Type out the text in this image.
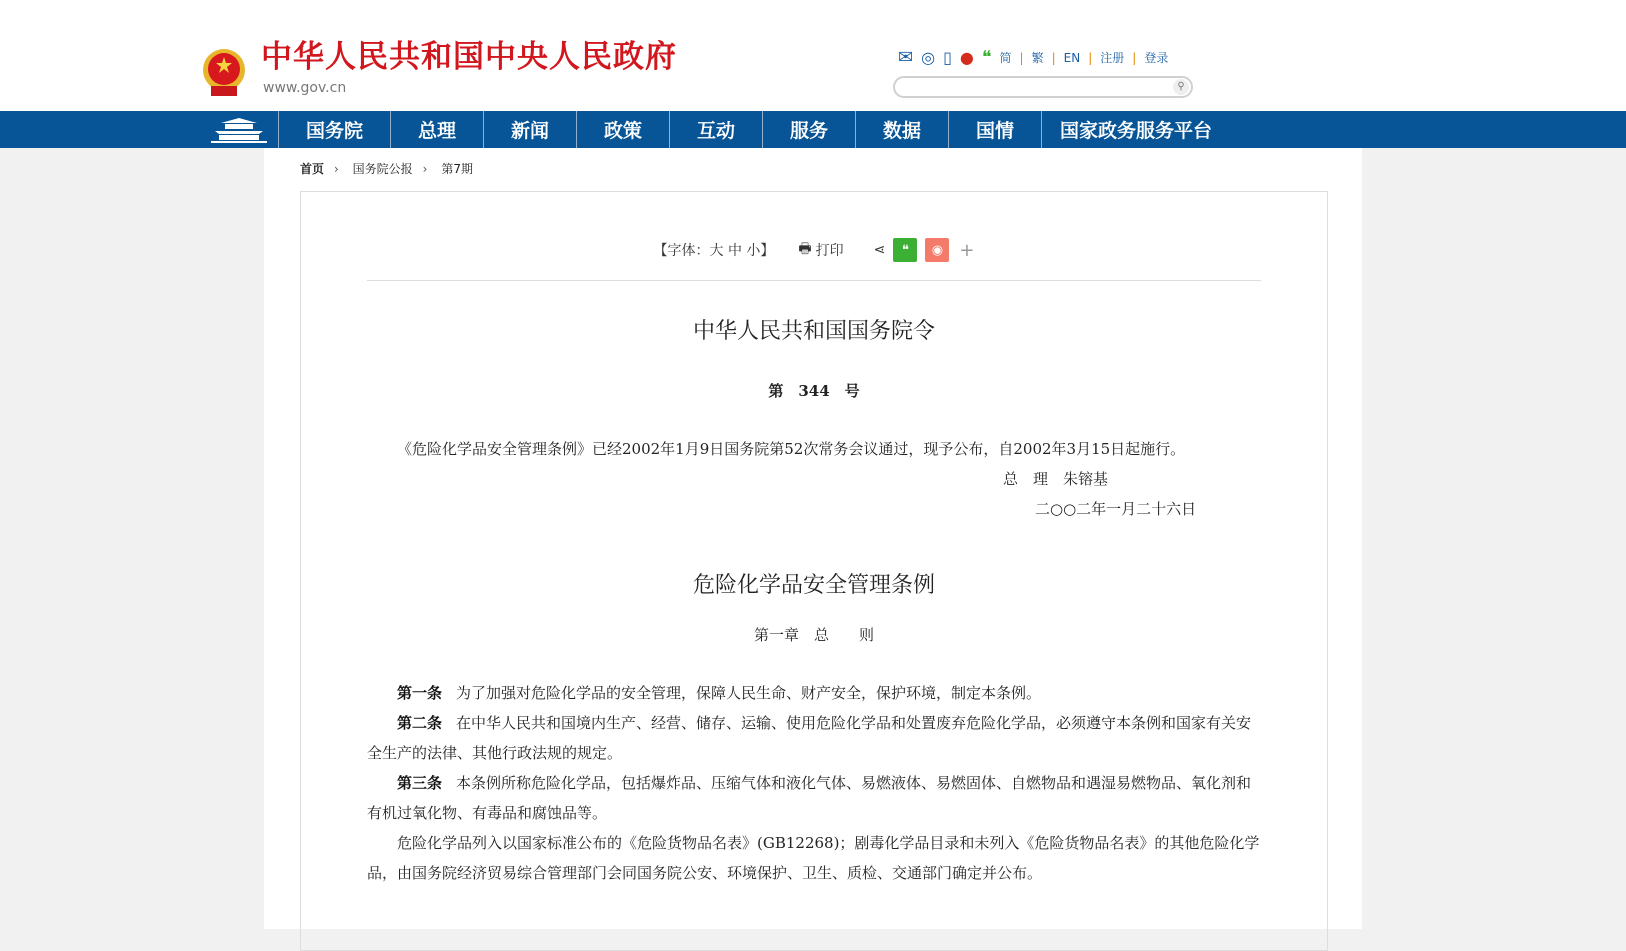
中华人民共和国中央人民政府
www.gov.cn
✉ ◎ ▯ ● ❝ 简 | 繁 | EN | 注册 | 登录
⚲
国务院	总理	新闻	政策	互动	服务	数据	国情	国家政务服务平台
首页 › 国务院公报 › 第7期
【字体：大 中 小】 🖶 打印 ⋖	❝	◉ +
中华人民共和国国务院令
第　344　号

《危险化学品安全管理条例》已经2002年1月9日国务院第52次常务会议通过，现予公布，自2002年3月15日起施行。

总　理　朱镕基

二○○二年一月二十六日

危险化学品安全管理条例
第一章　总　　则

第一条 为了加强对危险化学品的安全管理，保障人民生命、财产安全，保护环境，制定本条例。

第二条 在中华人民共和国境内生产、经营、储存、运输、使用危险化学品和处置废弃危险化学品，必须遵守本条例和国家有关安全生产的法律、其他行政法规的规定。

第三条 本条例所称危险化学品，包括爆炸品、压缩气体和液化气体、易燃液体、易燃固体、自燃物品和遇湿易燃物品、氧化剂和有机过氧化物、有毒品和腐蚀品等。

危险化学品列入以国家标准公布的《危险货物品名表》(GB12268)；剧毒化学品目录和未列入《危险货物品名表》的其他危险化学品，由国务院经济贸易综合管理部门会同国务院公安、环境保护、卫生、质检、交通部门确定并公布。
